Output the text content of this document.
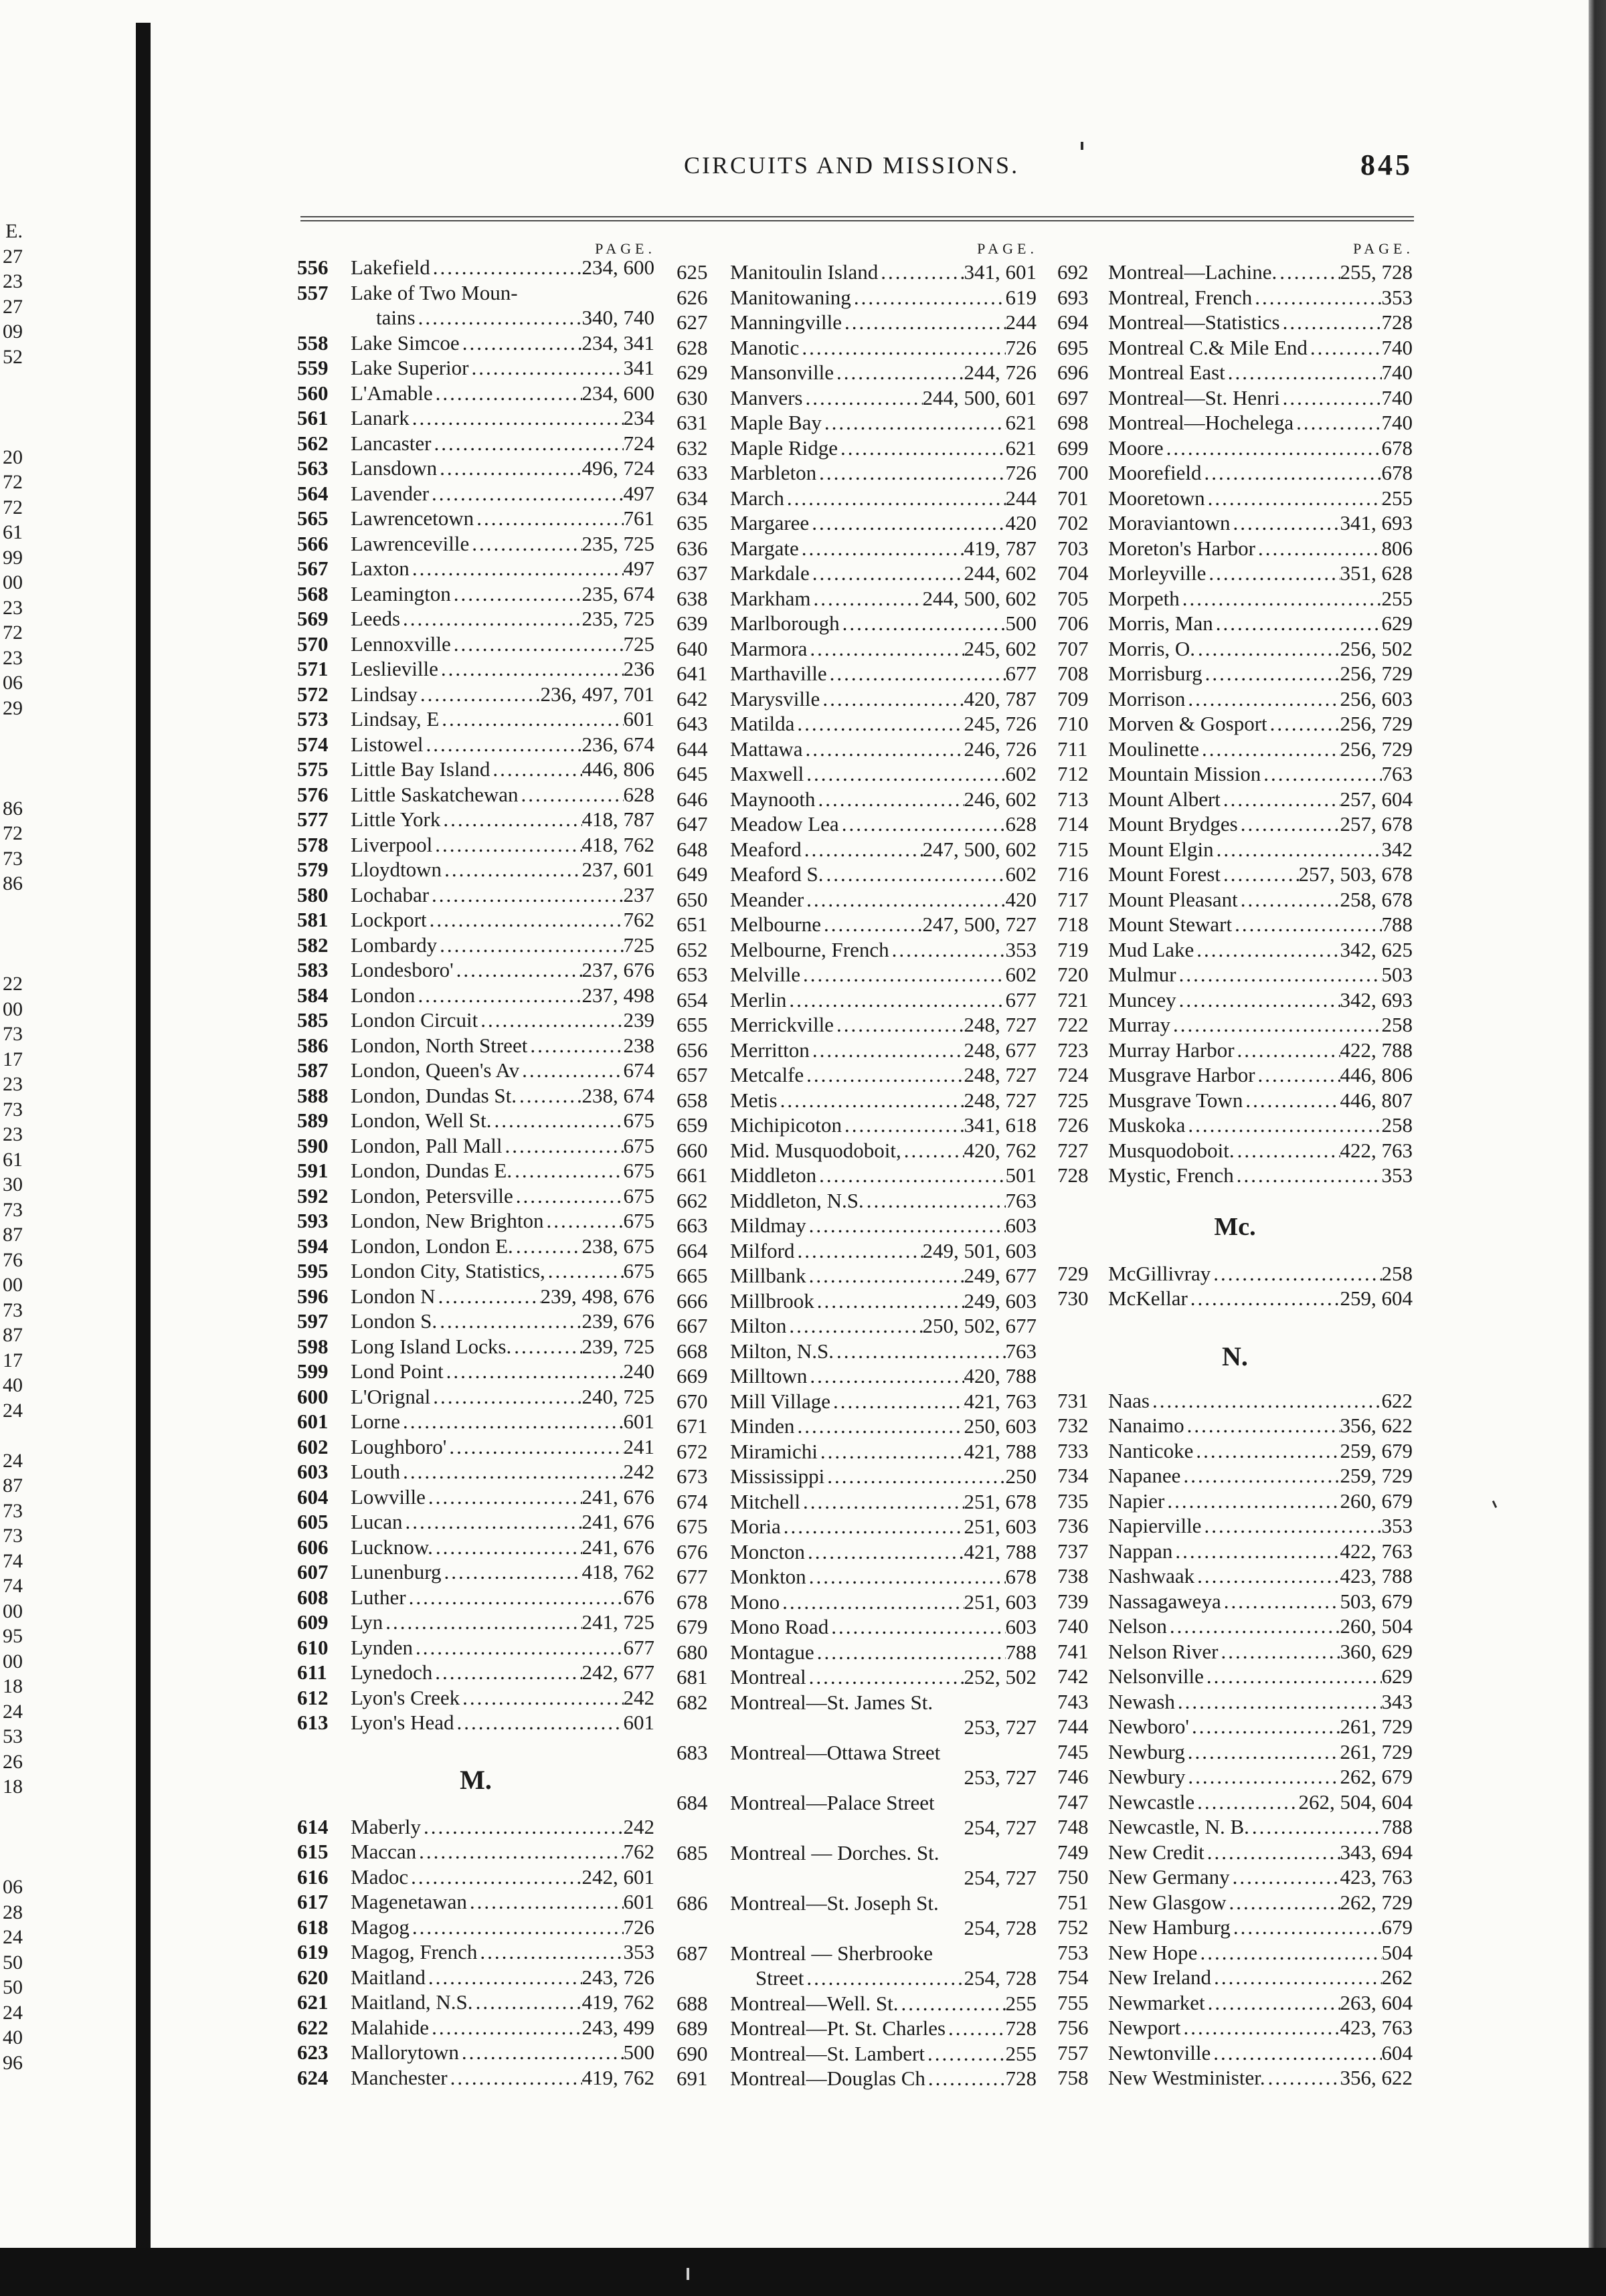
E.
27
23
27
09
52
20
72
72
61
99
00
23
72
23
06
29
86
72
73
86
22
00
73
17
23
73
23
61
30
73
87
76
00
73
87
17
40
24
24
87
73
73
74
74
00
95
00
18
24
53
26
18
06
28
24
50
50
24
40
96
CIRCUITS AND MISSIONS.	845
PAGE.
556	Lakefield .....	234, 600
557	Lake of Two Moun-
tains .....	340, 740
558	Lake Simcoe .....	234, 341
559	Lake Superior .....	341
560	L'Amable .....	234, 600
561	Lanark .....	234
562	Lancaster .....	724
563	Lansdown .....	496, 724
564	Lavender .....	497
565	Lawrencetown .....	761
566	Lawrenceville .....	235, 725
567	Laxton .....	497
568	Leamington .....	235, 674
569	Leeds .....	235, 725
570	Lennoxville .....	725
571	Leslieville .....	236
572	Lindsay .....	236, 497, 701
573	Lindsay, E .....	601
574	Listowel .....	236, 674
575	Little Bay Island .....	446, 806
576	Little Saskatchewan .....	628
577	Little York .....	418, 787
578	Liverpool .....	418, 762
579	Lloydtown .....	237, 601
580	Lochabar .....	237
581	Lockport .....	762
582	Lombardy .....	725
583	Londesboro' .....	237, 676
584	London .....	237, 498
585	London Circuit .....	239
586	London, North Street .....	238
587	London, Queen's Av .....	674
588	London, Dundas St. .....	238, 674
589	London, Well St. .....	675
590	London, Pall Mall .....	675
591	London, Dundas E. .....	675
592	London, Petersville .....	675
593	London, New Brighton .....	675
594	London, London E. .....	238, 675
595	London City, Statistics, .....	675
596	London N .....	239, 498, 676
597	London S. .....	239, 676
598	Long Island Locks. .....	239, 725
599	Lond Point .....	240
600	L'Orignal .....	240, 725
601	Lorne .....	601
602	Loughboro' .....	241
603	Louth .....	242
604	Lowville .....	241, 676
605	Lucan .....	241, 676
606	Lucknow. .....	241, 676
607	Lunenburg .....	418, 762
608	Luther .....	676
609	Lyn .....	241, 725
610	Lynden .....	677
611	Lynedoch .....	242, 677
612	Lyon's Creek .....	242
613	Lyon's Head .....	601
M.
614	Maberly .....	242
615	Maccan .....	762
616	Madoc .....	242, 601
617	Magenetawan .....	601
618	Magog .....	726
619	Magog, French .....	353
620	Maitland .....	243, 726
621	Maitland, N.S. .....	419, 762
622	Malahide .....	243, 499
623	Mallorytown .....	500
624	Manchester .....	419, 762
PAGE.
625	Manitoulin Island .....	341, 601
626	Manitowaning .....	619
627	Manningville .....	244
628	Manotic .....	726
629	Mansonville .....	244, 726
630	Manvers .....	244, 500, 601
631	Maple Bay .....	621
632	Maple Ridge .....	621
633	Marbleton .....	726
634	March .....	244
635	Margaree .....	420
636	Margate .....	419, 787
637	Markdale .....	244, 602
638	Markham .....	244, 500, 602
639	Marlborough .....	500
640	Marmora .....	245, 602
641	Marthaville .....	677
642	Marysville .....	420, 787
643	Matilda .....	245, 726
644	Mattawa .....	246, 726
645	Maxwell .....	602
646	Maynooth .....	246, 602
647	Meadow Lea .....	628
648	Meaford .....	247, 500, 602
649	Meaford S. .....	602
650	Meander .....	420
651	Melbourne .....	247, 500, 727
652	Melbourne, French .....	353
653	Melville .....	602
654	Merlin .....	677
655	Merrickville .....	248, 727
656	Merritton .....	248, 677
657	Metcalfe .....	248, 727
658	Metis .....	248, 727
659	Michipicoton .....	341, 618
660	Mid. Musquodoboit, .....	420, 762
661	Middleton .....	501
662	Middleton, N.S. .....	763
663	Mildmay .....	603
664	Milford .....	249, 501, 603
665	Millbank .....	249, 677
666	Millbrook .....	249, 603
667	Milton .....	250, 502, 677
668	Milton, N.S. .....	763
669	Milltown .....	420, 788
670	Mill Village .....	421, 763
671	Minden .....	250, 603
672	Miramichi .....	421, 788
673	Mississippi .....	250
674	Mitchell .....	251, 678
675	Moria .....	251, 603
676	Moncton .....	421, 788
677	Monkton .....	678
678	Mono .....	251, 603
679	Mono Road .....	603
680	Montague .....	788
681	Montreal .....	252, 502
682	Montreal—St. James St.
253, 727
683	Montreal—Ottawa Street
253, 727
684	Montreal—Palace Street
254, 727
685	Montreal — Dorches. St.
254, 727
686	Montreal—St. Joseph St.
254, 728
687	Montreal — Sherbrooke
Street .....	254, 728
688	Montreal—Well. St. .....	255
689	Montreal—Pt. St. Charles .....	728
690	Montreal—St. Lambert .....	255
691	Montreal—Douglas Ch .....	728
PAGE.
692 Montreal—Lachine. .....	255, 728
693 Montreal, French .....	353
694 Montreal—Statistics .....	728
695 Montreal C.& Mile End .....	740
696 Montreal East .....	740
697 Montreal—St. Henri .....	740
698 Montreal—Hochelega .....	740
699 Moore .....	678
700 Moorefield .....	678
701 Mooretown .....	255
702 Moraviantown .....	341, 693
703 Moreton's Harbor .....	806
704 Morleyville .....	351, 628
705 Morpeth .....	255
706 Morris, Man .....	629
707 Morris, O. .....	256, 502
708 Morrisburg .....	256, 729
709 Morrison .....	256, 603
710 Morven & Gosport .....	256, 729
711 Moulinette .....	256, 729
712 Mountain Mission .....	763
713 Mount Albert .....	257, 604
714 Mount Brydges .....	257, 678
715 Mount Elgin .....	342
716 Mount Forest .....	257, 503, 678
717 Mount Pleasant .....	258, 678
718 Mount Stewart .....	788
719 Mud Lake .....	342, 625
720 Mulmur .....	503
721 Muncey .....	342, 693
722 Murray .....	258
723 Murray Harbor .....	422, 788
724 Musgrave Harbor .....	446, 806
725 Musgrave Town .....	446, 807
726 Muskoka .....	258
727 Musquodoboit. .....	422, 763
728 Mystic, French .....	353
Mc.
729 McGillivray .....	258
730 McKellar .....	259, 604
N.
731 Naas .....	622
732 Nanaimo .....	356, 622
733 Nanticoke .....	259, 679
734 Napanee .....	259, 729
735 Napier .....	260, 679
736 Napierville .....	353
737 Nappan .....	422, 763
738 Nashwaak .....	423, 788
739 Nassagaweya .....	503, 679
740 Nelson .....	260, 504
741 Nelson River .....	360, 629
742 Nelsonville .....	629
743 Newash .....	343
744 Newboro' .....	261, 729
745 Newburg .....	261, 729
746 Newbury .....	262, 679
747 Newcastle .....	262, 504, 604
748 Newcastle, N. B. .....	788
749 New Credit .....	343, 694
750 New Germany .....	423, 763
751 New Glasgow .....	262, 729
752 New Hamburg .....	679
753 New Hope .....	504
754 New Ireland .....	262
755 Newmarket .....	263, 604
756 Newport .....	423, 763
757 Newtonville .....	604
758 New Westminister. .....	356, 622
